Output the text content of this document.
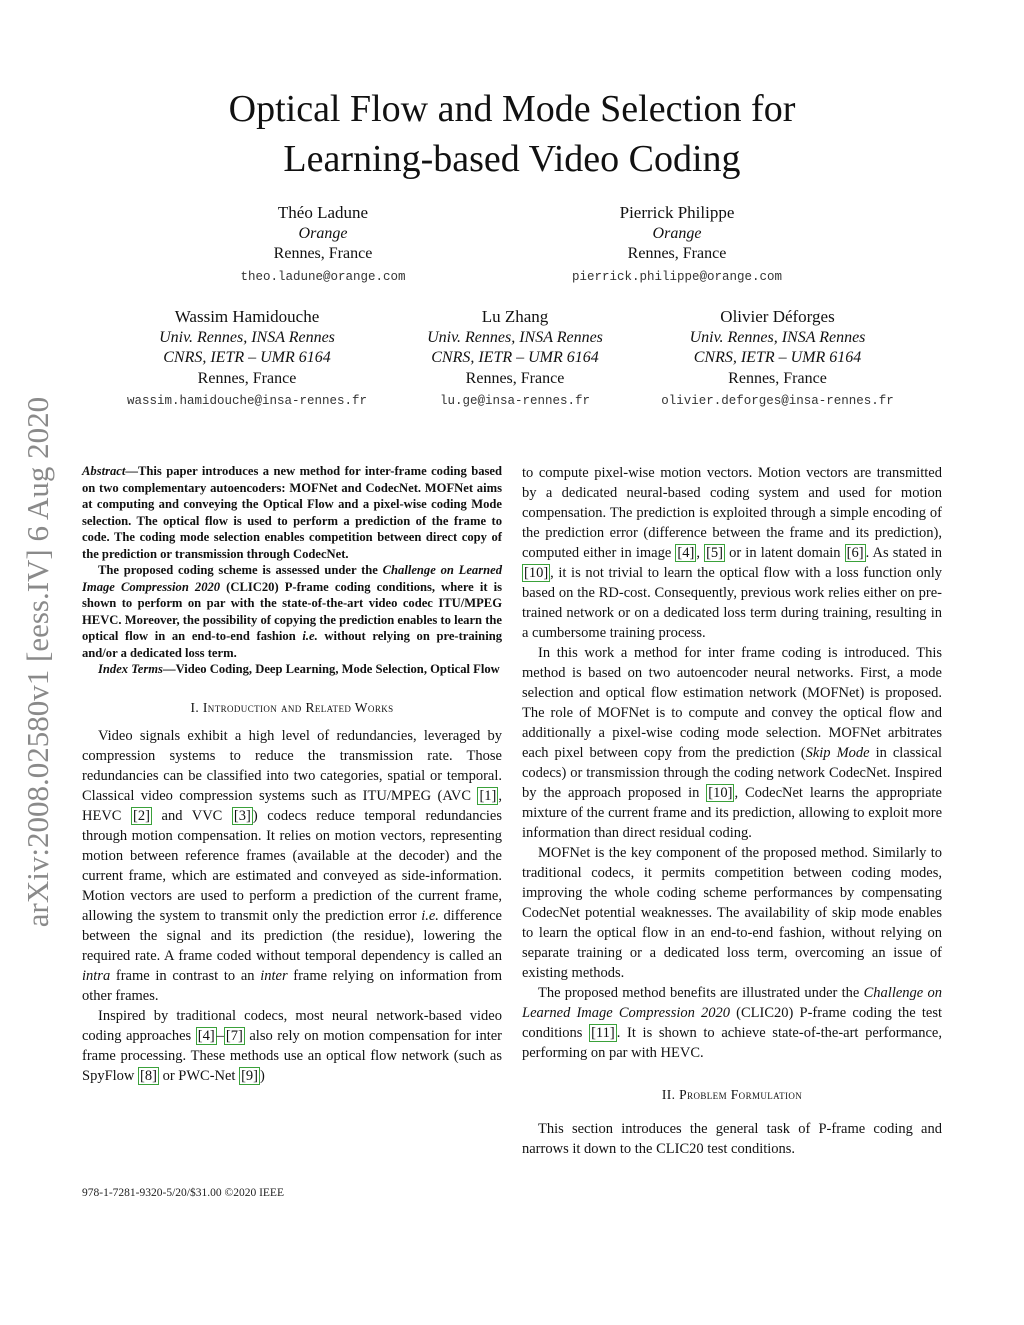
arXiv:2008.02580v1 [eess.IV] 6 Aug 2020
Optical Flow and Mode Selection for
Learning-based Video Coding
Théo Ladune
Orange
Rennes, France
theo.ladune@orange.com
Pierrick Philippe
Orange
Rennes, France
pierrick.philippe@orange.com
Wassim Hamidouche
Univ. Rennes, INSA Rennes
CNRS, IETR – UMR 6164
Rennes, France
wassim.hamidouche@insa-rennes.fr
Lu Zhang
Univ. Rennes, INSA Rennes
CNRS, IETR – UMR 6164
Rennes, France
lu.ge@insa-rennes.fr
Olivier Déforges
Univ. Rennes, INSA Rennes
CNRS, IETR – UMR 6164
Rennes, France
olivier.deforges@insa-rennes.fr

Abstract—This paper introduces a new method for inter-frame coding based on two complementary autoencoders: MOFNet and CodecNet. MOFNet aims at computing and conveying the Optical Flow and a pixel-wise coding Mode selection. The optical flow is used to perform a prediction of the frame to code. The coding mode selection enables competition between direct copy of the prediction or transmission through CodecNet.

The proposed coding scheme is assessed under the Challenge on Learned Image Compression 2020 (CLIC20) P-frame coding conditions, where it is shown to perform on par with the state-of-the-art video codec ITU/MPEG HEVC. Moreover, the possibility of copying the prediction enables to learn the optical flow in an end-to-end fashion i.e. without relying on pre-training and/or a dedicated loss term.

Index Terms—Video Coding, Deep Learning, Mode Selection, Optical Flow

I. Introduction and Related Works

Video signals exhibit a high level of redundancies, leveraged by compression systems to reduce the transmission rate. Those redundancies can be classified into two categories, spatial or temporal. Classical video compression systems such as ITU/MPEG (AVC [1] , HEVC [2] and VVC [3] ) codecs reduce temporal redundancies through motion compensation. It relies on motion vectors, representing motion between reference frames (available at the decoder) and the current frame, which are estimated and conveyed as side-information. Motion vectors are used to perform a prediction of the current frame, allowing the system to transmit only the prediction error i.e. difference between the signal and its prediction (the residue), lowering the required rate. A frame coded without temporal dependency is called an intra frame in contrast to an inter frame relying on information from other frames.

Inspired by traditional codecs, most neural network-based video coding approaches [4] – [7] also rely on motion compensation for inter frame processing. These methods use an optical flow network (such as SpyFlow [8] or PWC-Net [9] )

to compute pixel-wise motion vectors. Motion vectors are transmitted by a dedicated neural-based coding system and used for motion compensation. The prediction is exploited through a simple encoding of the prediction error (difference between the frame and its prediction), computed either in image [4] , [5] or in latent domain [6] . As stated in [10] , it is not trivial to learn the optical flow with a loss function only based on the RD-cost. Consequently, previous work relies either on pre-trained network or on a dedicated loss term during training, resulting in a cumbersome training process.

In this work a method for inter frame coding is introduced. This method is based on two autoencoder neural networks. First, a mode selection and optical flow estimation network (MOFNet) is proposed. The role of MOFNet is to compute and convey the optical flow and additionally a pixel-wise coding mode selection. MOFNet arbitrates each pixel between copy from the prediction (Skip Mode in classical codecs) or transmission through the coding network CodecNet. Inspired by the approach proposed in [10] , CodecNet learns the appropriate mixture of the current frame and its prediction, allowing to exploit more information than direct residual coding.

MOFNet is the key component of the proposed method. Similarly to traditional codecs, it permits competition between coding modes, improving the whole coding scheme performances by compensating CodecNet potential weaknesses. The availability of skip mode enables to learn the optical flow in an end-to-end fashion, without relying on separate training or a dedicated loss term, overcoming an issue of existing methods.

The proposed method benefits are illustrated under the Challenge on Learned Image Compression 2020 (CLIC20) P-frame coding the test conditions [11] . It is shown to achieve state-of-the-art performance, performing on par with HEVC.

II. Problem Formulation

This section introduces the general task of P-frame coding and narrows it down to the CLIC20 test conditions.

978-1-7281-9320-5/20/$31.00 ©2020 IEEE
